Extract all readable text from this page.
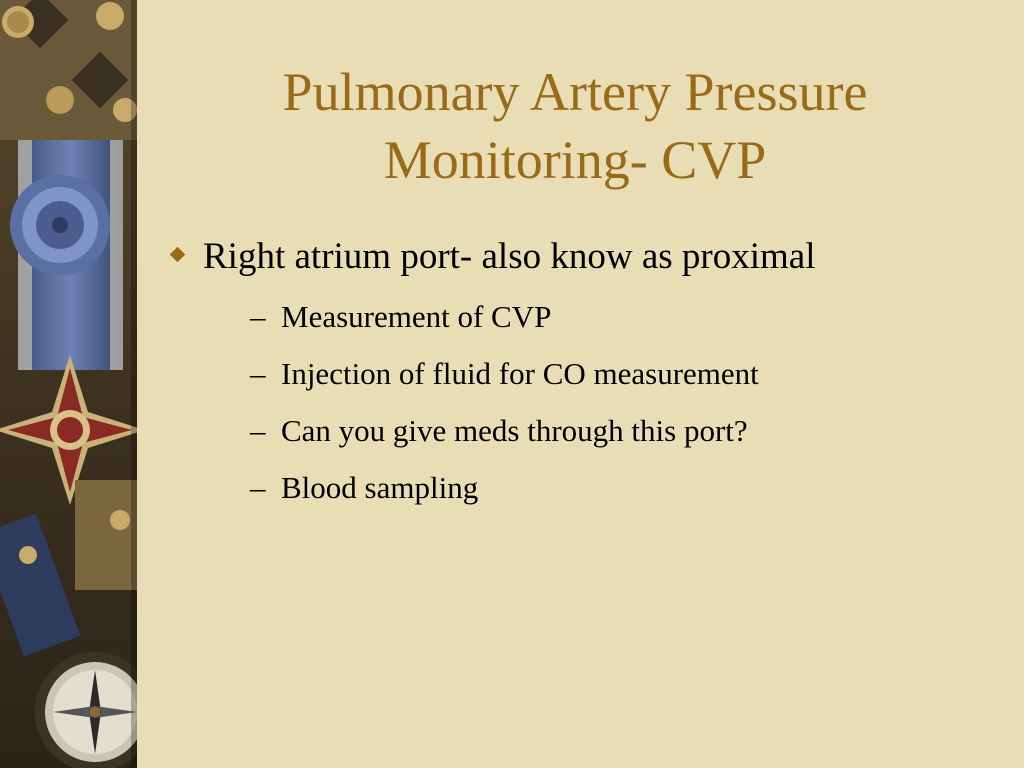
Pulmonary Artery Pressure
Monitoring- CVP
Right atrium port- also know as proximal
– Measurement of CVP
– Injection of fluid for CO measurement
– Can you give meds through this port?
– Blood sampling
